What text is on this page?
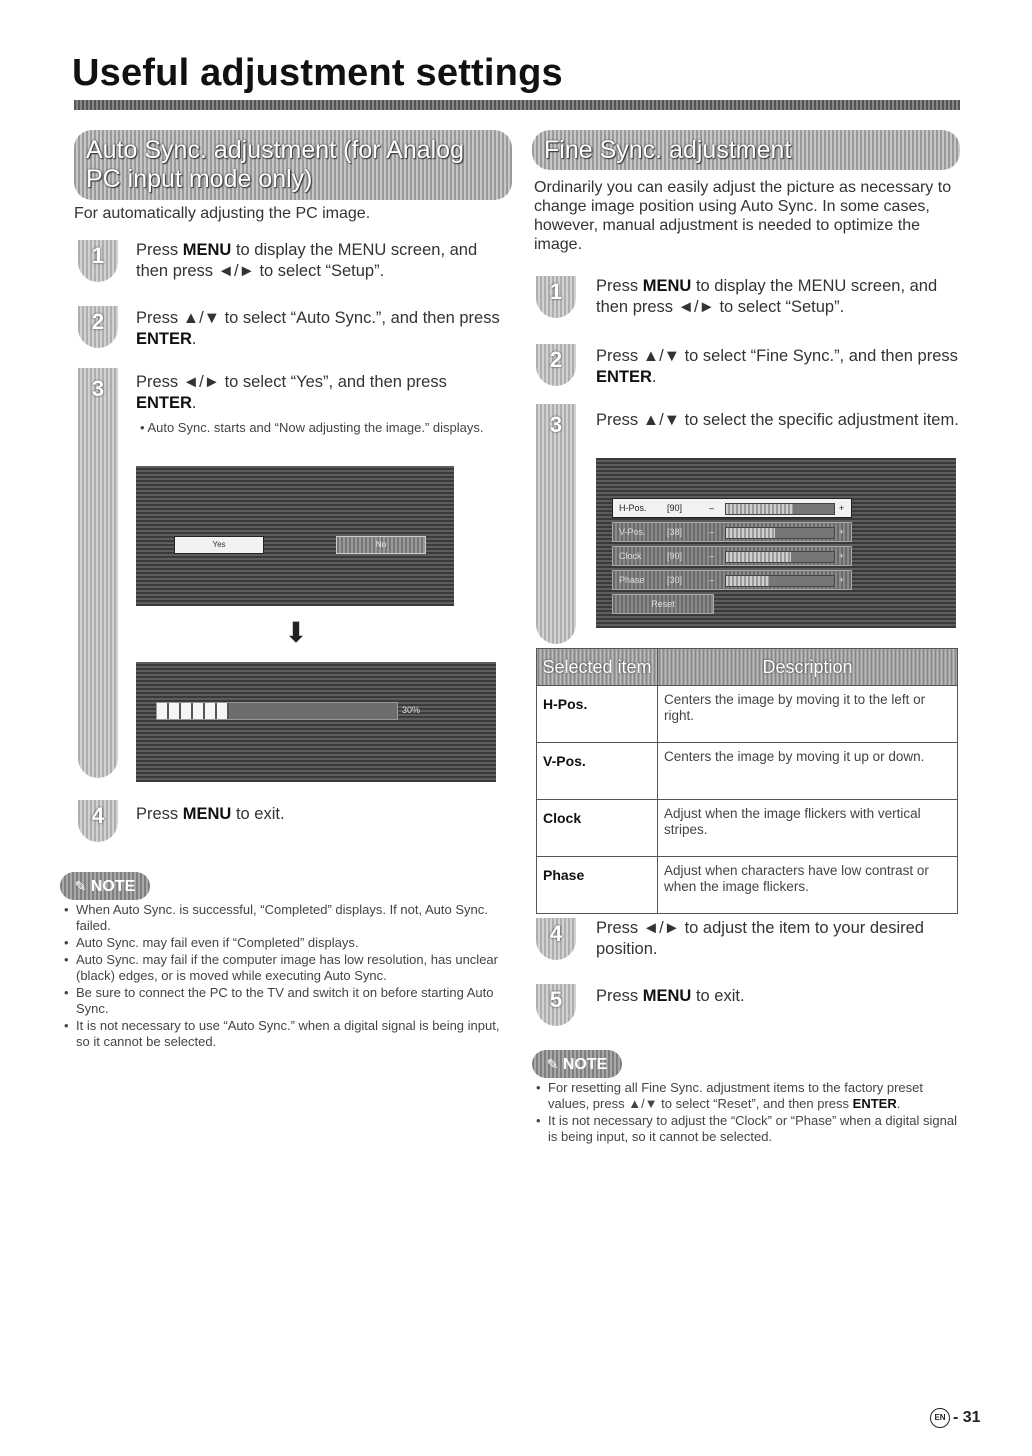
Useful adjustment settings
Auto Sync. adjustment (for Analog PC input mode only)
For automatically adjusting the PC image.
1	Press MENU to display the MENU screen, and then press ◄/► to select “Setup”.
2	Press ▲/▼ to select “Auto Sync.”, and then press ENTER.
3	Press ◄/► to select “Yes”, and then press ENTER.
• Auto Sync. starts and “Now adjusting the image.” displays.
Yes	No
⬇
30%
4	Press MENU to exit.
✎ NOTE
• When Auto Sync. is successful, “Completed” displays. If not, Auto Sync. failed.
• Auto Sync. may fail even if “Completed” displays.
• Auto Sync. may fail if the computer image has low resolution, has unclear (black) edges, or is moved while executing Auto Sync.
• Be sure to connect the PC to the TV and switch it on before starting Auto Sync.
• It is not necessary to use “Auto Sync.” when a digital signal is being input, so it cannot be selected.
Fine Sync. adjustment
Ordinarily you can easily adjust the picture as necessary to change image position using Auto Sync. In some cases, however, manual adjustment is needed to optimize the image.
1	Press MENU to display the MENU screen, and then press ◄/► to select “Setup”.
2	Press ▲/▼ to select “Fine Sync.”, and then press ENTER.
3	Press ▲/▼ to select the specific adjustment item.
H-Pos. [90]	–	+
V-Pos. [38]	–	+
Clock	[90]	–	+
Phase [30]	–	+
Reset
Selected item	Description
H-Pos.	Centers the image by moving it to the left or right.
V-Pos.	Centers the image by moving it up or down.
Clock	Adjust when the image flickers with vertical stripes.
Phase	Adjust when characters have low contrast or when the image flickers.
4	Press ◄/► to adjust the item to your desired position.
5	Press MENU to exit.
✎ NOTE
• For resetting all Fine Sync. adjustment items to the factory preset values, press ▲/▼ to select “Reset”, and then press ENTER.
• It is not necessary to adjust the “Clock” or “Phase” when a digital signal is being input, so it cannot be selected.
EN - 31
